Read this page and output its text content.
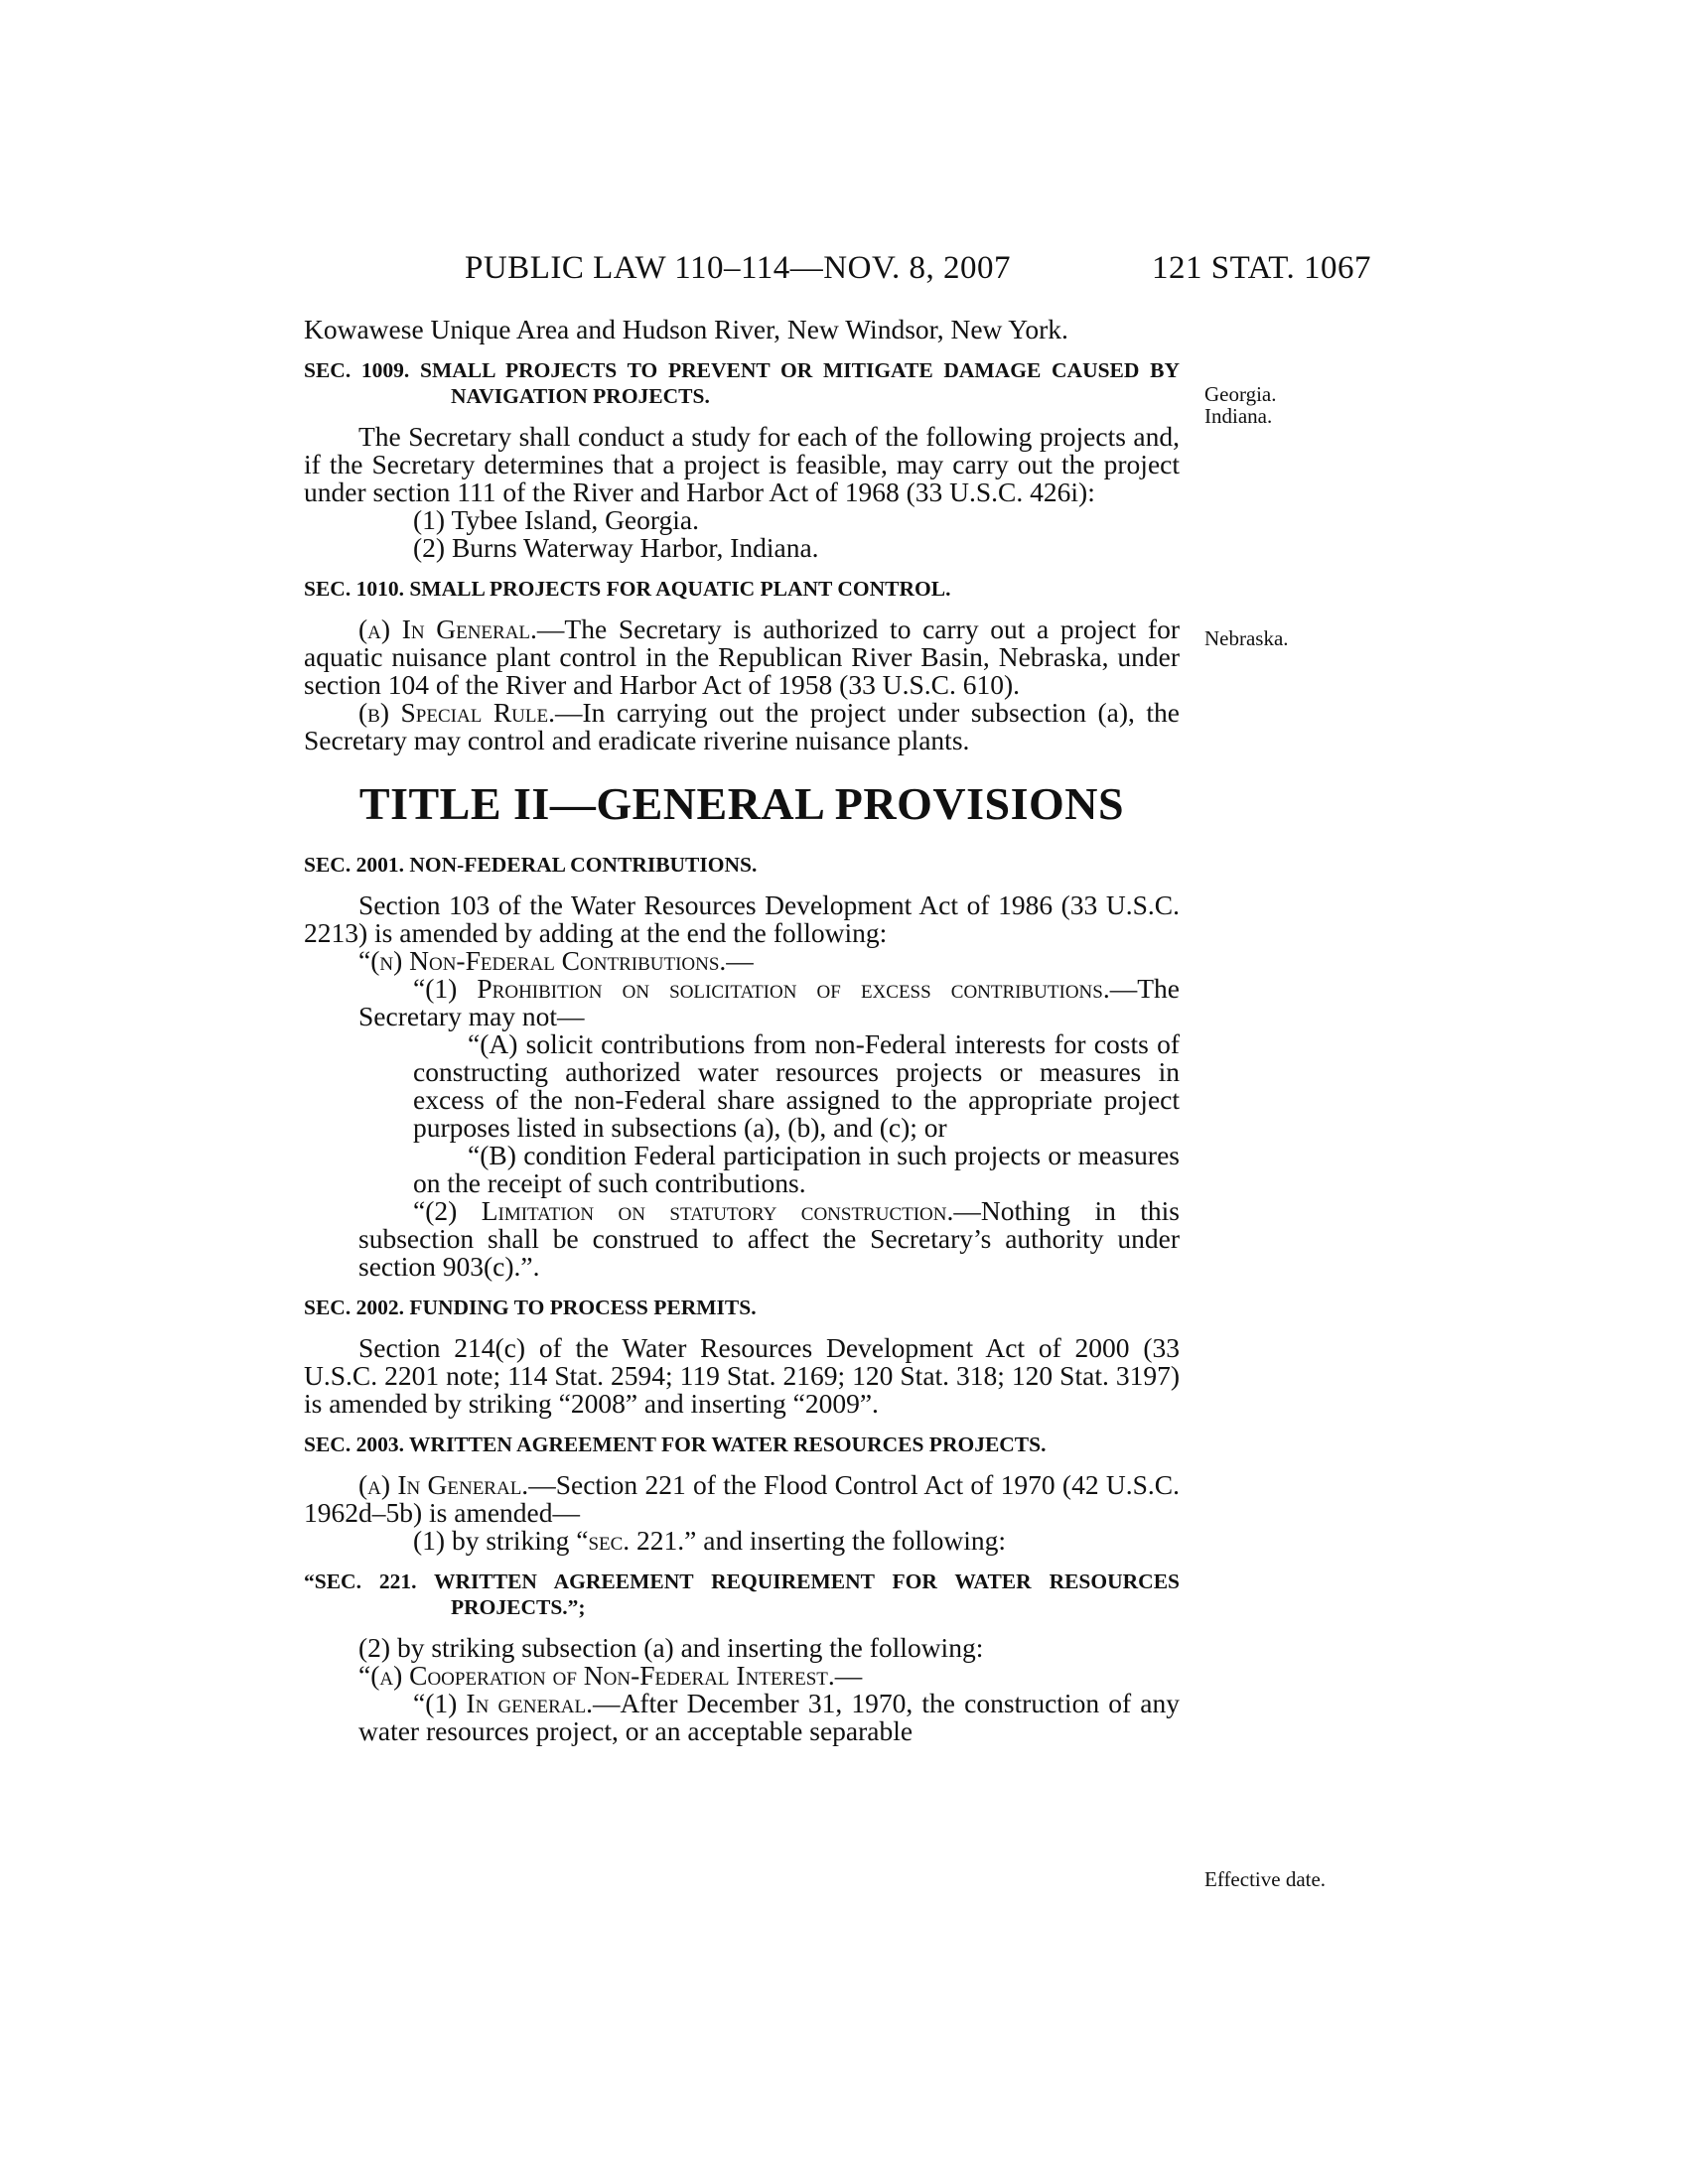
PUBLIC LAW 110–114—NOV. 8, 2007	121 STAT. 1067
Georgia.
Indiana.
Nebraska.
Effective date.

Kowawese Unique Area and Hudson River, New Windsor, New York.

SEC. 1009. SMALL PROJECTS TO PREVENT OR MITIGATE DAMAGE CAUSED BY NAVIGATION PROJECTS.

The Secretary shall conduct a study for each of the following projects and, if the Secretary determines that a project is feasible, may carry out the project under section 111 of the River and Harbor Act of 1968 (33 U.S.C. 426i):

(1) Tybee Island, Georgia.

(2) Burns Waterway Harbor, Indiana.

SEC. 1010. SMALL PROJECTS FOR AQUATIC PLANT CONTROL.

(a) In General.—The Secretary is authorized to carry out a project for aquatic nuisance plant control in the Republican River Basin, Nebraska, under section 104 of the River and Harbor Act of 1958 (33 U.S.C. 610).

(b) Special Rule.—In carrying out the project under subsection (a), the Secretary may control and eradicate riverine nuisance plants.

TITLE II—GENERAL PROVISIONS

SEC. 2001. NON-FEDERAL CONTRIBUTIONS.

Section 103 of the Water Resources Development Act of 1986 (33 U.S.C. 2213) is amended by adding at the end the following:

“(n) Non-Federal Contributions.—

“(1) Prohibition on solicitation of excess contributions.—The Secretary may not—

“(A) solicit contributions from non-Federal interests for costs of constructing authorized water resources projects or measures in excess of the non-Federal share assigned to the appropriate project purposes listed in subsections (a), (b), and (c); or

“(B) condition Federal participation in such projects or measures on the receipt of such contributions.

“(2) Limitation on statutory construction.—Nothing in this subsection shall be construed to affect the Secretary’s authority under section 903(c).”.

SEC. 2002. FUNDING TO PROCESS PERMITS.

Section 214(c) of the Water Resources Development Act of 2000 (33 U.S.C. 2201 note; 114 Stat. 2594; 119 Stat. 2169; 120 Stat. 318; 120 Stat. 3197) is amended by striking “2008” and inserting “2009”.

SEC. 2003. WRITTEN AGREEMENT FOR WATER RESOURCES PROJECTS.

(a) In General.—Section 221 of the Flood Control Act of 1970 (42 U.S.C. 1962d–5b) is amended—

(1) by striking “sec. 221.” and inserting the following:

“SEC. 221. WRITTEN AGREEMENT REQUIREMENT FOR WATER RESOURCES PROJECTS.”;

(2) by striking subsection (a) and inserting the following:

“(a) Cooperation of Non-Federal Interest.—

“(1) In general.—After December 31, 1970, the construction of any water resources project, or an acceptable separable
